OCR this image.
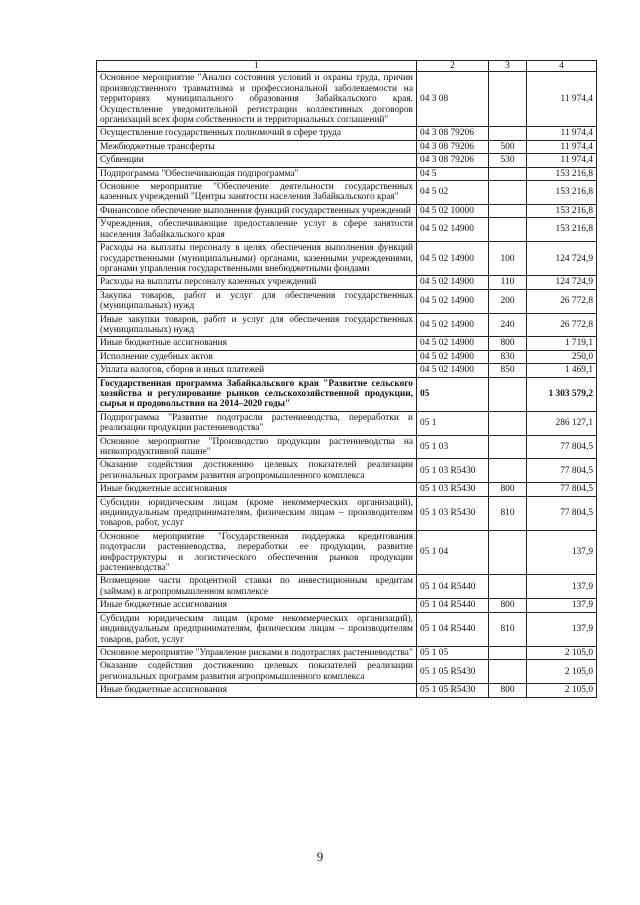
1	2	3	4
Основное мероприятие "Анализ состояния условий и охраны труда, причин производственного травматизма и профессиональной заболеваемости на территориях муниципального образования Забайкальского края. Осуществление уведомительной регистрации коллективных договоров организаций всех форм собственности и территориальных соглашений"	04 3 08		11 974,4
Осуществление государственных полномочий в сфере труда	04 3 08 79206		11 974,4
Межбюджетные трансферты	04 3 08 79206	500	11 974,4
Субвенции	04 3 08 79206	530	11 974,4
Подпрограмма "Обеспечивающая подпрограмма"	04 5		153 216,8
Основное мероприятие "Обеспечение деятельности государственных казенных учреждений "Центры занятости населения Забайкальского края"	04 5 02		153 216,8
Финансовое обеспечение выполнения функций государственных учреждений	04 5 02 10000		153 216,8
Учреждения, обеспечивающие предоставление услуг в сфере занятости населения Забайкальского края	04 5 02 14900		153 216,8
Расходы на выплаты персоналу в целях обеспечения выполнения функций государственными (муниципальными) органами, казенными учреждениями, органами управления государственными внебюджетными фондами	04 5 02 14900	100	124 724,9
Расходы на выплаты персоналу казенных учреждений	04 5 02 14900	110	124 724,9
Закупка товаров, работ и услуг для обеспечения государственных (муниципальных) нужд	04 5 02 14900	200	26 772,8
Иные закупки товаров, работ и услуг для обеспечения государственных (муниципальных) нужд	04 5 02 14900	240	26 772,8
Иные бюджетные ассигнования	04 5 02 14900	800	1 719,1
Исполнение судебных актов	04 5 02 14900	830	250,0
Уплата налогов, сборов и иных платежей	04 5 02 14900	850	1 469,1
Государственная программа Забайкальского края "Развитие сельского хозяйства и регулирование рынков сельскохозяйственной продукции, сырья и продовольствия на 2014–2020 годы"	05		1 303 579,2
Подпрограмма "Развитие подотрасли растениеводства, переработки и реализации продукции растениеводства"	05 1		286 127,1
Основное мероприятие "Производство продукции растениеводства на низкопродуктивной пашне"	05 1 03		77 804,5
Оказание содействия достижению целевых показателей реализации региональных программ развития агропромышленного комплекса	05 1 03 R5430		77 804,5
Иные бюджетные ассигнования	05 1 03 R5430	800	77 804,5
Субсидии юридическим лицам (кроме некоммерческих организаций), индивидуальным предпринимателям, физическим лицам – производителям товаров, работ, услуг	05 1 03 R5430	810	77 804,5
Основное мероприятие "Государственная поддержка кредитования подотрасли растениеводства, переработки ее продукции, развитие инфраструктуры и логистического обеспечения рынков продукции растениеводства"	05 1 04		137,9
Возмещение части процентной ставки по инвестиционным кредитам (займам) в агропромышленном комплексе	05 1 04 R5440		137,9
Иные бюджетные ассигнования	05 1 04 R5440	800	137,9
Субсидии юридическим лицам (кроме некоммерческих организаций), индивидуальным предпринимателям, физическим лицам – производителям товаров, работ, услуг	05 1 04 R5440	810	137,9
Основное мероприятие "Управление рисками в подотраслях растениеводства"	05 1 05		2 105,0
Оказание содействия достижению целевых показателей реализации региональных программ развития агропромышленного комплекса	05 1 05 R5430		2 105,0
Иные бюджетные ассигнования	05 1 05 R5430	800	2 105,0
9
